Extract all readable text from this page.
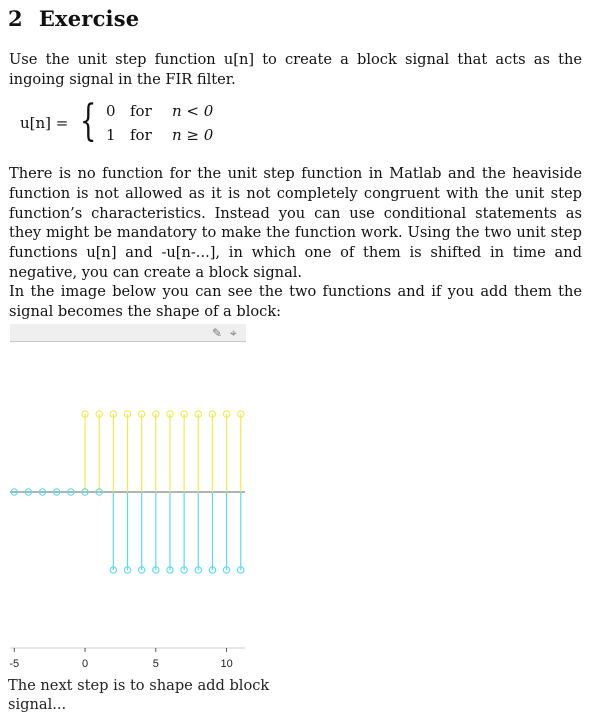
2 Exercise

Use the unit step function u[n] to create a block signal that acts as the ingoing signal in the FIR filter.

u[n] = { 0 for n < 0
1 for n ≥ 0

There is no function for the unit step function in Matlab and the heaviside function is not allowed as it is not completely congruent with the unit step function’s characteristics. Instead you can use conditional statements as they might be mandatory to make the function work. Using the two unit step functions u[n] and -u[n-...], in which one of them is shifted in time and negative, you can create a block signal.

In the image below you can see the two functions and if you add them the signal becomes the shape of a block:

✎ ⌖
-5	0	5	10
The next step is to shape add block signal...
